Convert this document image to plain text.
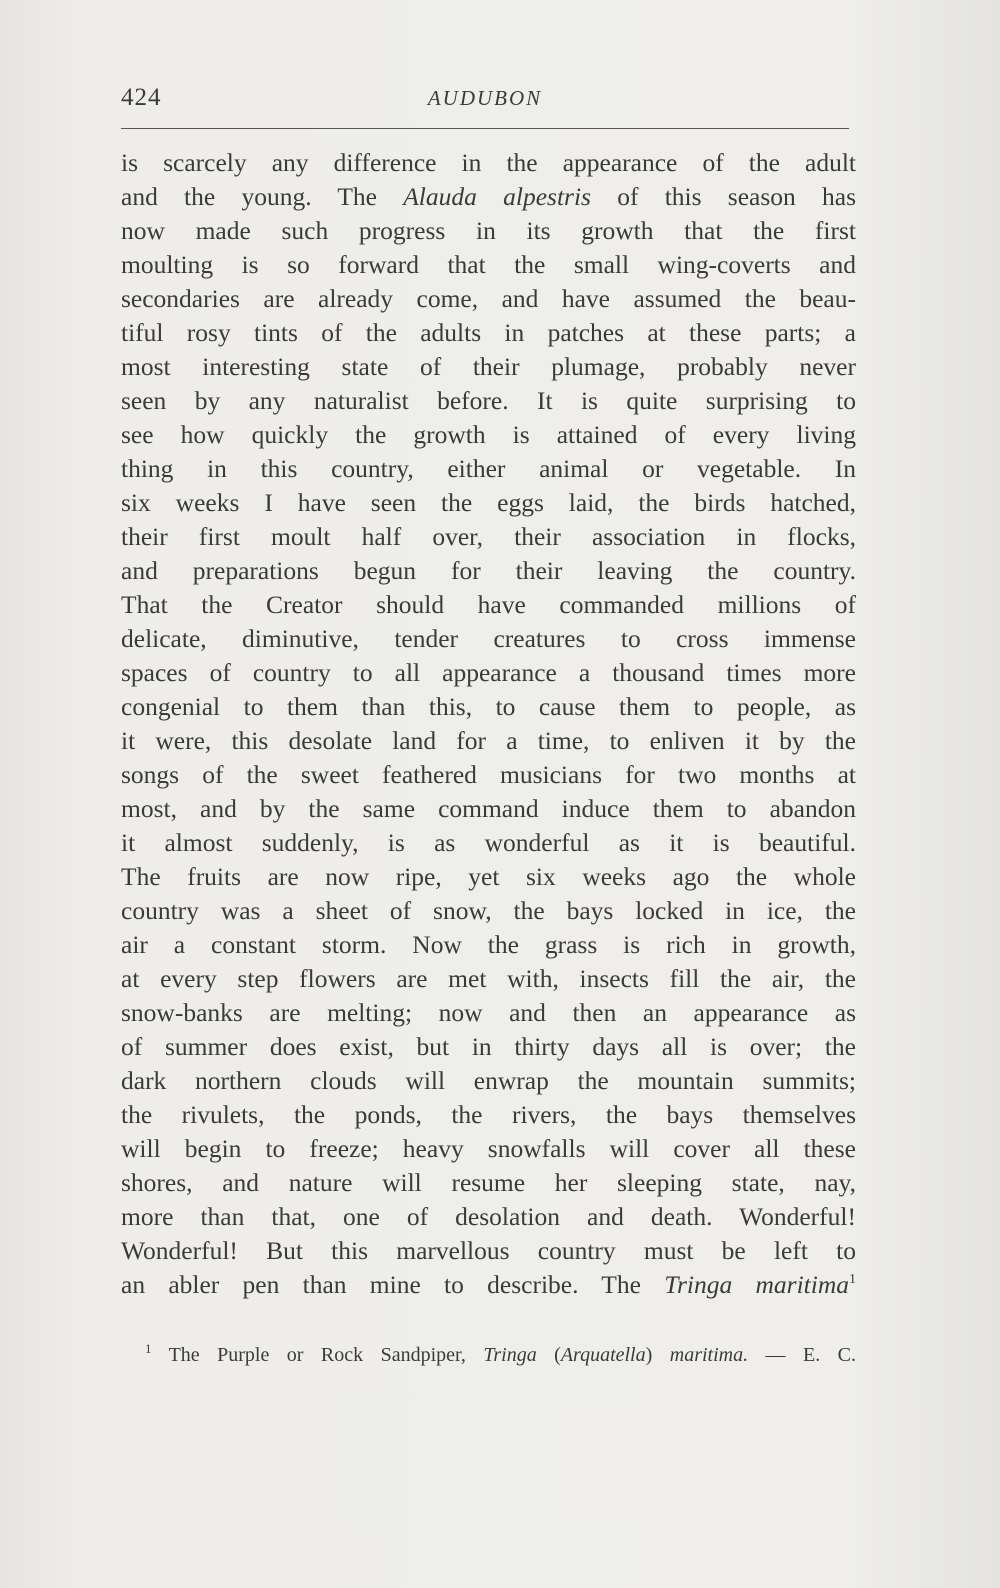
424	AUDUBON
is scarcely any difference in the appearance of the adult
and the young. The Alauda alpestris of this season has
now made such progress in its growth that the first
moulting is so forward that the small wing-coverts and
secondaries are already come, and have assumed the beau-
tiful rosy tints of the adults in patches at these parts; a
most interesting state of their plumage, probably never
seen by any naturalist before. It is quite surprising to
see how quickly the growth is attained of every living
thing in this country, either animal or vegetable. In
six weeks I have seen the eggs laid, the birds hatched,
their first moult half over, their association in flocks,
and preparations begun for their leaving the country.
That the Creator should have commanded millions of
delicate, diminutive, tender creatures to cross immense
spaces of country to all appearance a thousand times more
congenial to them than this, to cause them to people, as
it were, this desolate land for a time, to enliven it by the
songs of the sweet feathered musicians for two months at
most, and by the same command induce them to abandon
it almost suddenly, is as wonderful as it is beautiful.
The fruits are now ripe, yet six weeks ago the whole
country was a sheet of snow, the bays locked in ice, the
air a constant storm. Now the grass is rich in growth,
at every step flowers are met with, insects fill the air, the
snow-banks are melting; now and then an appearance as
of summer does exist, but in thirty days all is over; the
dark northern clouds will enwrap the mountain summits;
the rivulets, the ponds, the rivers, the bays themselves
will begin to freeze; heavy snowfalls will cover all these
shores, and nature will resume her sleeping state, nay,
more than that, one of desolation and death. Wonderful!
Wonderful! But this marvellous country must be left to
an abler pen than mine to describe. The Tringa maritima$^1$
$^1$ The Purple or Rock Sandpiper, Tringa (Arquatella) maritima. — E. C.
